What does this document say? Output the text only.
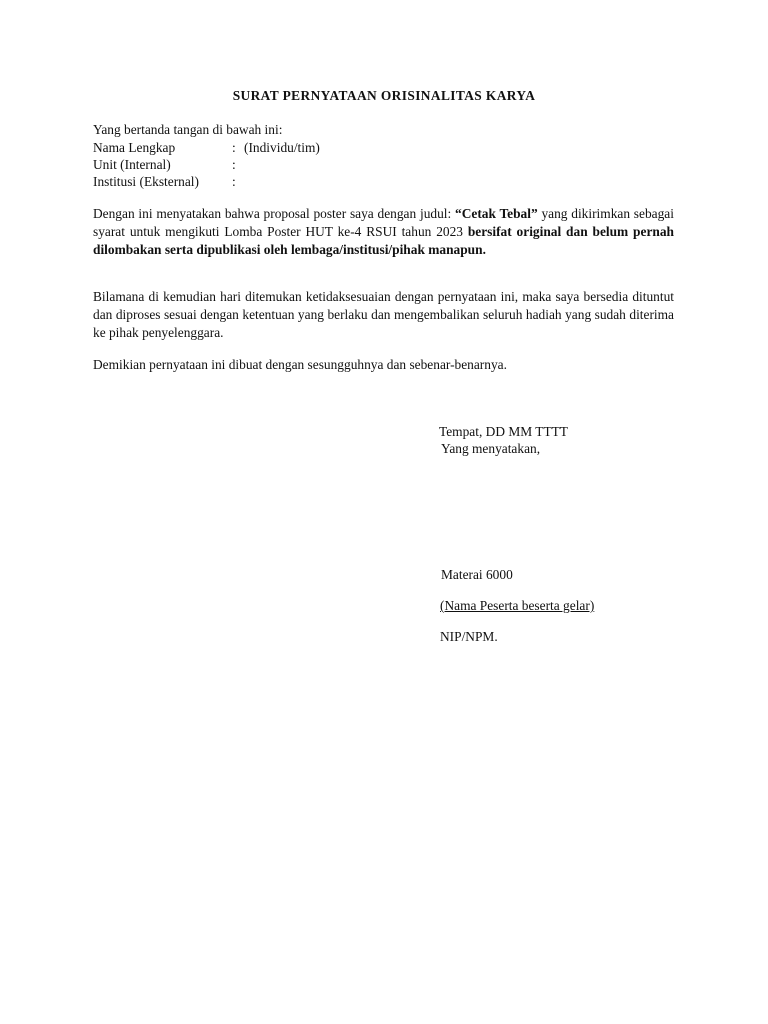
SURAT PERNYATAAN ORISINALITAS KARYA
Yang bertanda tangan di bawah ini:
Nama Lengkap	: (Individu/tim)
Unit (Internal)	:
Institusi (Eksternal) :
Dengan ini menyatakan bahwa proposal poster saya dengan judul: “Cetak Tebal” yang dikirimkan sebagai syarat untuk mengikuti Lomba Poster HUT ke-4 RSUI tahun 2023 bersifat original dan belum pernah dilombakan serta dipublikasi oleh lembaga/institusi/pihak manapun.
Bilamana di kemudian hari ditemukan ketidaksesuaian dengan pernyataan ini, maka saya bersedia dituntut dan diproses sesuai dengan ketentuan yang berlaku dan mengembalikan seluruh hadiah yang sudah diterima ke pihak penyelenggara.
Demikian pernyataan ini dibuat dengan sesungguhnya dan sebenar-benarnya.
Tempat, DD MM TTTT
Yang menyatakan,
Materai 6000
(Nama Peserta beserta gelar)
NIP/NPM.
